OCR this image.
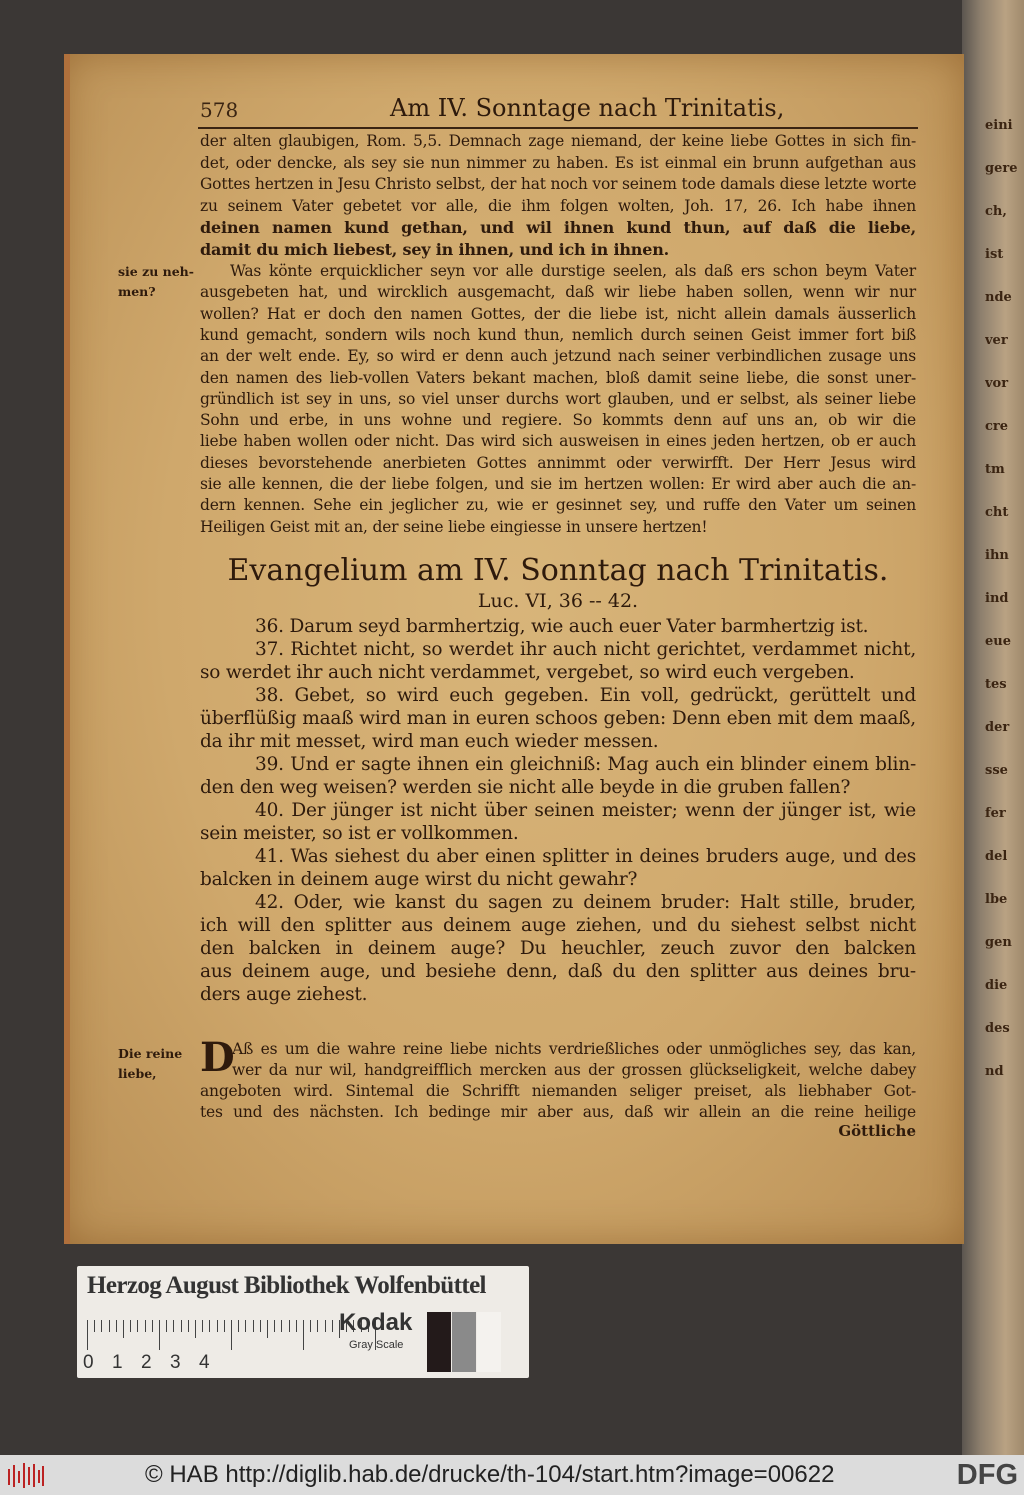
eini
gere
ch,
ist
nde
ver
vor
cre
tm
cht
ihn
ind
eue
tes
der
sse
fer
del
lbe
gen
die
des
nd
578	Am IV. Sonntage nach Trinitatis,
der alten glaubigen, Rom. 5,5. Demnach zage niemand, der keine liebe Gottes in sich fin-
det, oder dencke, als sey sie nun nimmer zu haben. Es ist einmal ein brunn aufgethan aus
Gottes hertzen in Jesu Christo selbst, der hat noch vor seinem tode damals diese letzte worte
zu seinem Vater gebetet vor alle, die ihm folgen wolten, Joh. 17, 26. Ich habe ihnen
deinen namen kund gethan, und wil ihnen kund thun, auf daß die liebe,
damit du mich liebest, sey in ihnen, und ich in ihnen.
sie zu neh- men?
Was könte erquicklicher seyn vor alle durstige seelen, als daß ers schon beym Vater
ausgebeten hat, und wircklich ausgemacht, daß wir liebe haben sollen, wenn wir nur
wollen? Hat er doch den namen Gottes, der die liebe ist, nicht allein damals äusserlich
kund gemacht, sondern wils noch kund thun, nemlich durch seinen Geist immer fort biß
an der welt ende. Ey, so wird er denn auch jetzund nach seiner verbindlichen zusage uns
den namen des lieb-vollen Vaters bekant machen, bloß damit seine liebe, die sonst uner-
gründlich ist sey in uns, so viel unser durchs wort glauben, und er selbst, als seiner liebe
Sohn und erbe, in uns wohne und regiere. So kommts denn auf uns an, ob wir die
liebe haben wollen oder nicht. Das wird sich ausweisen in eines jeden hertzen, ob er auch
dieses bevorstehende anerbieten Gottes annimmt oder verwirfft. Der Herr Jesus wird
sie alle kennen, die der liebe folgen, und sie im hertzen wollen: Er wird aber auch die an-
dern kennen. Sehe ein jeglicher zu, wie er gesinnet sey, und ruffe den Vater um seinen
Heiligen Geist mit an, der seine liebe eingiesse in unsere hertzen!
Evangelium am IV. Sonntag nach Trinitatis.
Luc. VI, 36 -- 42.
36. Darum seyd barmhertzig, wie auch euer Vater barmhertzig ist.
37. Richtet nicht, so werdet ihr auch nicht gerichtet, verdammet nicht,
so werdet ihr auch nicht verdammet, vergebet, so wird euch vergeben.
38. Gebet, so wird euch gegeben. Ein voll, gedrückt, gerüttelt und
überflüßig maaß wird man in euren schoos geben: Denn eben mit dem maaß,
da ihr mit messet, wird man euch wieder messen.
39. Und er sagte ihnen ein gleichniß: Mag auch ein blinder einem blin-
den den weg weisen? werden sie nicht alle beyde in die gruben fallen?
40. Der jünger ist nicht über seinen meister; wenn der jünger ist, wie
sein meister, so ist er vollkommen.
41. Was siehest du aber einen splitter in deines bruders auge, und des
balcken in deinem auge wirst du nicht gewahr?
42. Oder, wie kanst du sagen zu deinem bruder: Halt stille, bruder,
ich will den splitter aus deinem auge ziehen, und du siehest selbst nicht
den balcken in deinem auge? Du heuchler, zeuch zuvor den balcken
aus deinem auge, und besiehe denn, daß du den splitter aus deines bru-
ders auge ziehest.
Die reine liebe,	D
Aß es um die wahre reine liebe nichts verdrießliches oder unmögliches sey, das kan,
wer da nur wil, handgreifflich mercken aus der grossen glückseligkeit, welche dabey
angeboten wird. Sintemal die Schrifft niemanden seliger preiset, als liebhaber Got-
tes und des nächsten. Ich bedinge mir aber aus, daß wir allein an die reine heilige
Göttliche
Herzog August Bibliothek Wolfenbüttel
Kodak
Gray Scale
0 1 2 3 4
© HAB http://diglib.hab.de/drucke/th-104/start.htm?image=00622	DFG
